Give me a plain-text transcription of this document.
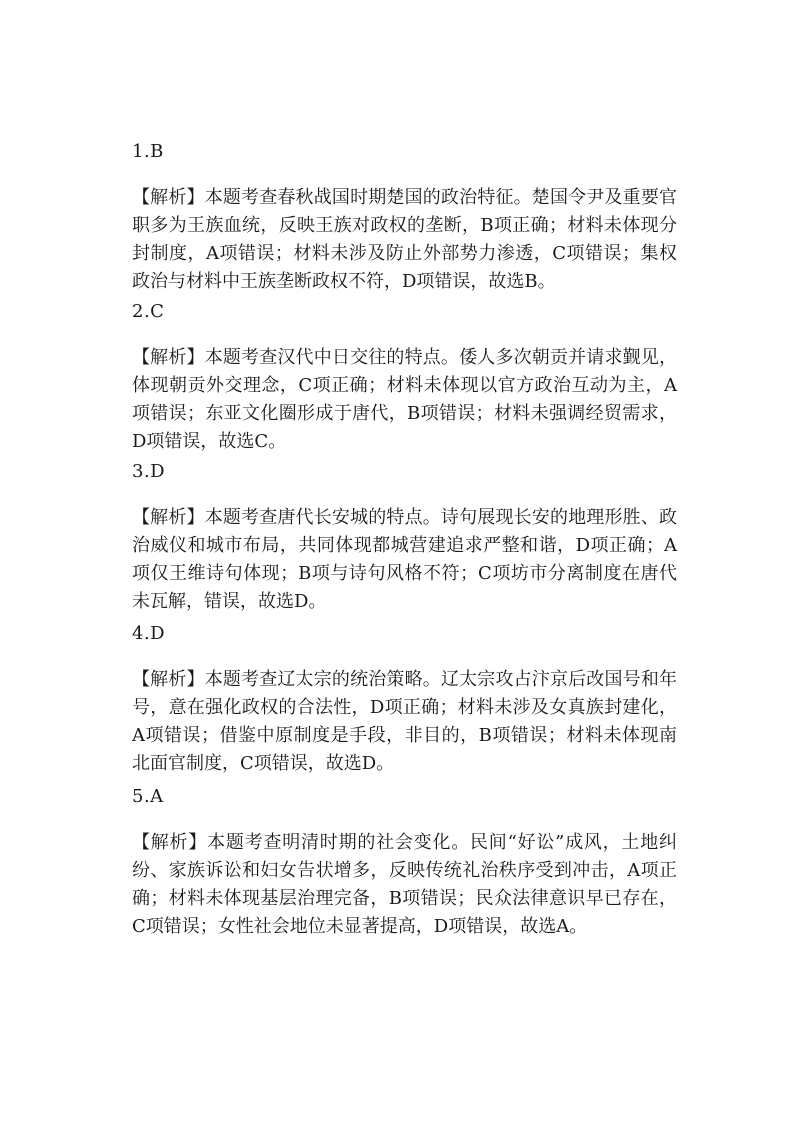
1.B

【解析】本题考查春秋战国时期楚国的政治特征。楚国令尹及重要官职多为王族血统，反映王族对政权的垄断，B项正确；材料未体现分封制度，A项错误；材料未涉及防止外部势力渗透，C项错误；集权政治与材料中王族垄断政权不符，D项错误，故选B。

2.C

【解析】本题考查汉代中日交往的特点。倭人多次朝贡并请求觐见，体现朝贡外交理念，C项正确；材料未体现以官方政治互动为主，A项错误；东亚文化圈形成于唐代，B项错误；材料未强调经贸需求，D项错误，故选C。

3.D

【解析】本题考查唐代长安城的特点。诗句展现长安的地理形胜、政治威仪和城市布局，共同体现都城营建追求严整和谐，D项正确；A项仅王维诗句体现；B项与诗句风格不符；C项坊市分离制度在唐代未瓦解，错误，故选D。

4.D

【解析】本题考查辽太宗的统治策略。辽太宗攻占汴京后改国号和年号，意在强化政权的合法性，D项正确；材料未涉及女真族封建化，A项错误；借鉴中原制度是手段，非目的，B项错误；材料未体现南北面官制度，C项错误，故选D。

5.A

【解析】本题考查明清时期的社会变化。民间“好讼”成风，土地纠纷、家族诉讼和妇女告状增多，反映传统礼治秩序受到冲击，A项正确；材料未体现基层治理完备，B项错误；民众法律意识早已存在，C项错误；女性社会地位未显著提高，D项错误，故选A。
